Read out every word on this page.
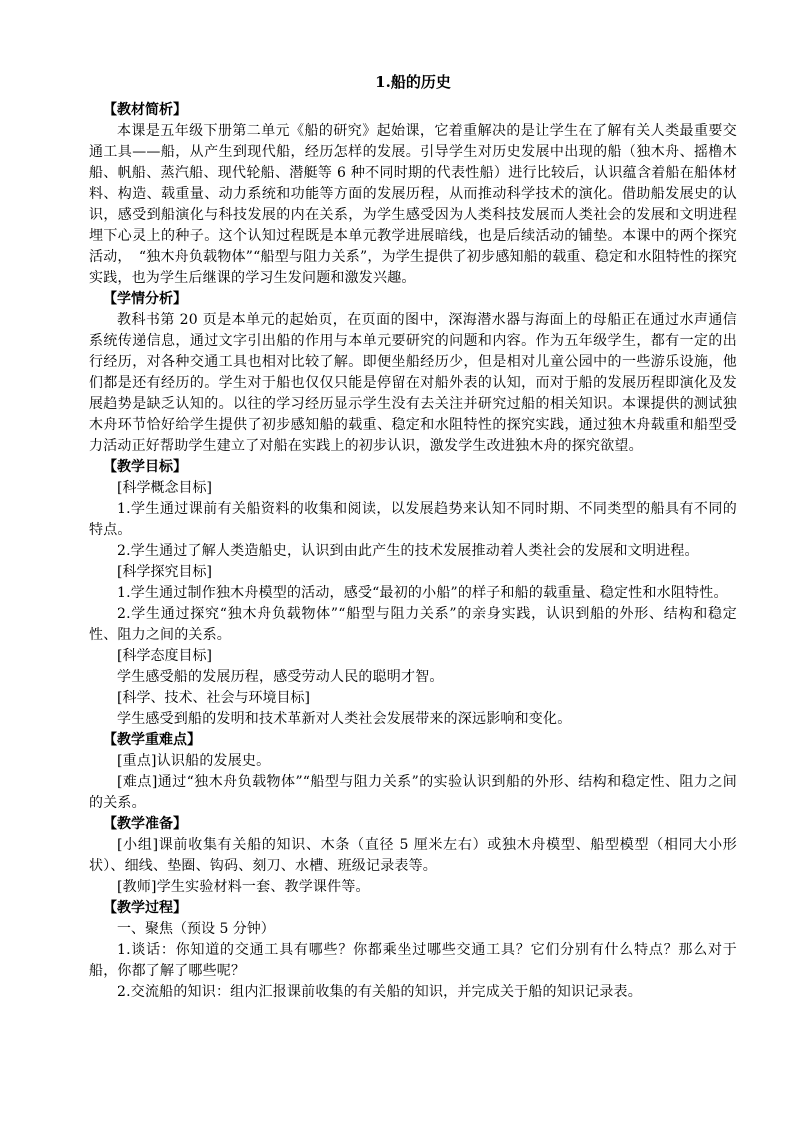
1.船的历史
【教材简析】

本课是五年级下册第二单元《船的研究》起始课，它着重解决的是让学生在了解有关人类最重要交通工具——船，从产生到现代船，经历怎样的发展。引导学生对历史发展中出现的船（独木舟、摇橹木船、帆船、蒸汽船、现代轮船、潜艇等 6 种不同时期的代表性船）进行比较后，认识蕴含着船在船体材料、构造、载重量、动力系统和功能等方面的发展历程，从而推动科学技术的演化。借助船发展史的认识，感受到船演化与科技发展的内在关系，为学生感受因为人类科技发展而人类社会的发展和文明进程埋下心灵上的种子。这个认知过程既是本单元教学进展暗线，也是后续活动的铺垫。本课中的两个探究活动，　“独木舟负载物体”“船型与阻力关系”，为学生提供了初步感知船的载重、稳定和水阻特性的探究实践，也为学生后继课的学习生发问题和激发兴趣。

【学情分析】

教科书第 20 页是本单元的起始页，在页面的图中，深海潜水器与海面上的母船正在通过水声通信系统传递信息，通过文字引出船的作用与本单元要研究的问题和内容。作为五年级学生，都有一定的出行经历，对各种交通工具也相对比较了解。即便坐船经历少，但是相对儿童公园中的一些游乐设施，他们都是还有经历的。学生对于船也仅仅只能是停留在对船外表的认知，而对于船的发展历程即演化及发展趋势是缺乏认知的。以往的学习经历显示学生没有去关注并研究过船的相关知识。本课提供的测试独木舟环节恰好给学生提供了初步感知船的载重、稳定和水阻特性的探究实践，通过独木舟载重和船型受力活动正好帮助学生建立了对船在实践上的初步认识，激发学生改进独木舟的探究欲望。

【教学目标】
[科学概念目标]

1.学生通过课前有关船资料的收集和阅读，以发展趋势来认知不同时期、不同类型的船具有不同的特点。

2.学生通过了解人类造船史，认识到由此产生的技术发展推动着人类社会的发展和文明进程。

[科学探究目标]

1.学生通过制作独木舟模型的活动，感受“最初的小船”的样子和船的载重量、稳定性和水阻特性。

2.学生通过探究“独木舟负载物体”“船型与阻力关系”的亲身实践，认识到船的外形、结构和稳定性、阻力之间的关系。

[科学态度目标]

学生感受船的发展历程，感受劳动人民的聪明才智。

[科学、技术、社会与环境目标]

学生感受到船的发明和技术革新对人类社会发展带来的深远影响和变化。

【教学重难点】

[重点]认识船的发展史。

[难点]通过“独木舟负载物体”“船型与阻力关系”的实验认识到船的外形、结构和稳定性、阻力之间的关系。

【教学准备】

[小组]课前收集有关船的知识、木条（直径 5 厘米左右）或独木舟模型、船型模型（相同大小形状）、细线、垫圈、钩码、刻刀、水槽、班级记录表等。

[教师]学生实验材料一套、教学课件等。

【教学过程】
一、聚焦（预设 5 分钟）

1.谈话：你知道的交通工具有哪些？你都乘坐过哪些交通工具？它们分别有什么特点？那么对于船，你都了解了哪些呢？

2.交流船的知识：组内汇报课前收集的有关船的知识，并完成关于船的知识记录表。
